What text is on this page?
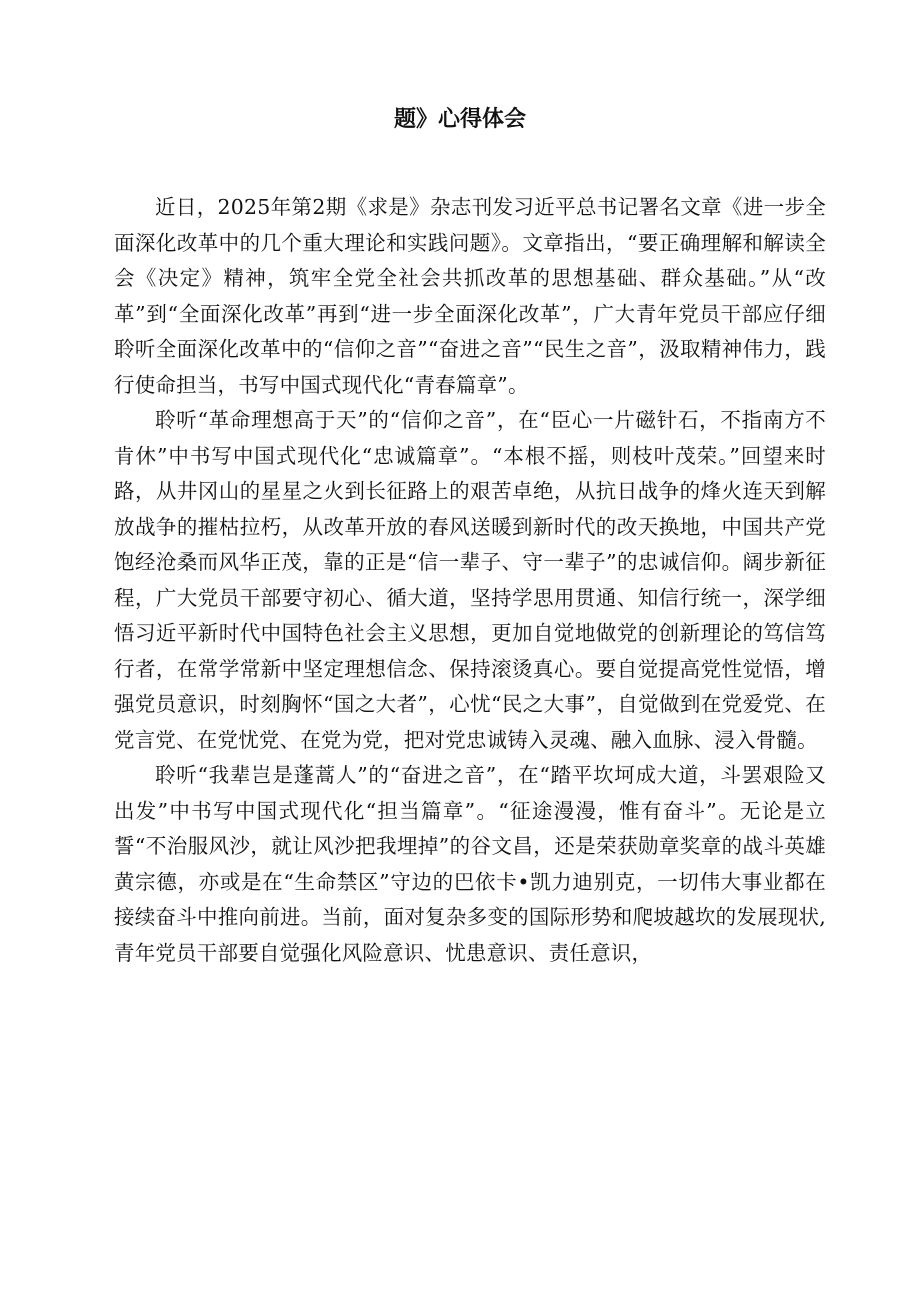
题》心得体会

近日，2025年第2期《求是》杂志刊发习近平总书记署名文章《进一步全面深化改革中的几个重大理论和实践问题》。文章指出，“要正确理解和解读全会《决定》精神，筑牢全党全社会共抓改革的思想基础、群众基础。”从“改革”到“全面深化改革”再到“进一步全面深化改革”，广大青年党员干部应仔细聆听全面深化改革中的“信仰之音”“奋进之音”“民生之音”，汲取精神伟力，践行使命担当，书写中国式现代化“青春篇章”。

聆听“革命理想高于天”的“信仰之音”，在“臣心一片磁针石，不指南方不肯休”中书写中国式现代化“忠诚篇章”。“本根不摇，则枝叶茂荣。”回望来时路，从井冈山的星星之火到长征路上的艰苦卓绝，从抗日战争的烽火连天到解放战争的摧枯拉朽，从改革开放的春风送暖到新时代的改天换地，中国共产党饱经沧桑而风华正茂，靠的正是“信一辈子、守一辈子”的忠诚信仰。阔步新征程，广大党员干部要守初心、循大道，坚持学思用贯通、知信行统一，深学细悟习近平新时代中国特色社会主义思想，更加自觉地做党的创新理论的笃信笃行者，在常学常新中坚定理想信念、保持滚烫真心。要自觉提高党性觉悟，增强党员意识，时刻胸怀“国之大者”，心忧“民之大事”，自觉做到在党爱党、在党言党、在党忧党、在党为党，把对党忠诚铸入灵魂、融入血脉、浸入骨髓。

聆听“我辈岂是蓬蒿人”的“奋进之音”，在“踏平坎坷成大道，斗罢艰险又出发”中书写中国式现代化“担当篇章”。“征途漫漫，惟有奋斗”。无论是立誓“不治服风沙，就让风沙把我埋掉”的谷文昌，还是荣获勋章奖章的战斗英雄黄宗德，亦或是在“生命禁区”守边的巴依卡•凯力迪别克，一切伟大事业都在接续奋斗中推向前进。当前，面对复杂多变的国际形势和爬坡越坎的发展现状,青年党员干部要自觉强化风险意识、忧患意识、责任意识，
